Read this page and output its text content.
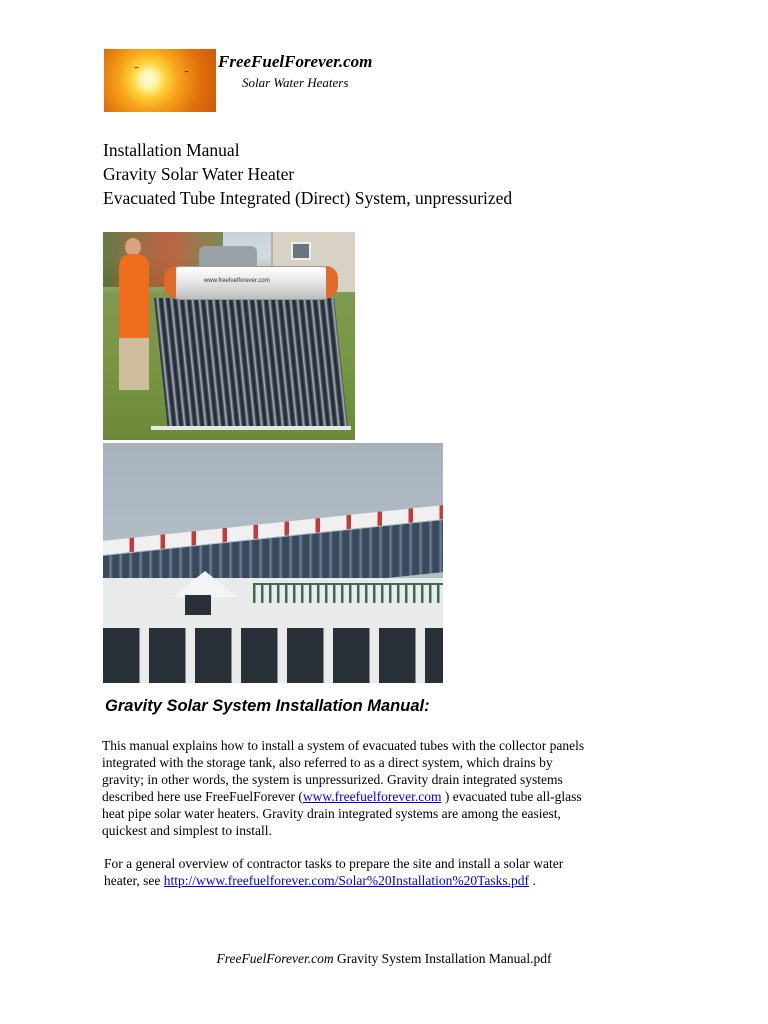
FreeFuelForever.com
Solar Water Heaters
Installation Manual
Gravity Solar Water Heater
Evacuated Tube Integrated (Direct) System, unpressurized
www.freefuelforever.com
Gravity Solar System Installation Manual:
This manual explains how to install a system of evacuated tubes with the collector panels
integrated with the storage tank, also referred to as a direct system, which drains by
gravity; in other words, the system is unpressurized. Gravity drain integrated systems
described here use FreeFuelForever (www.freefuelforever.com ) evacuated tube all-glass
heat pipe solar water heaters. Gravity drain integrated systems are among the easiest,
quickest and simplest to install.
For a general overview of contractor tasks to prepare the site and install a solar water
heater, see http://www.freefuelforever.com/Solar%20Installation%20Tasks.pdf .
FreeFuelForever.com Gravity System Installation Manual.pdf
